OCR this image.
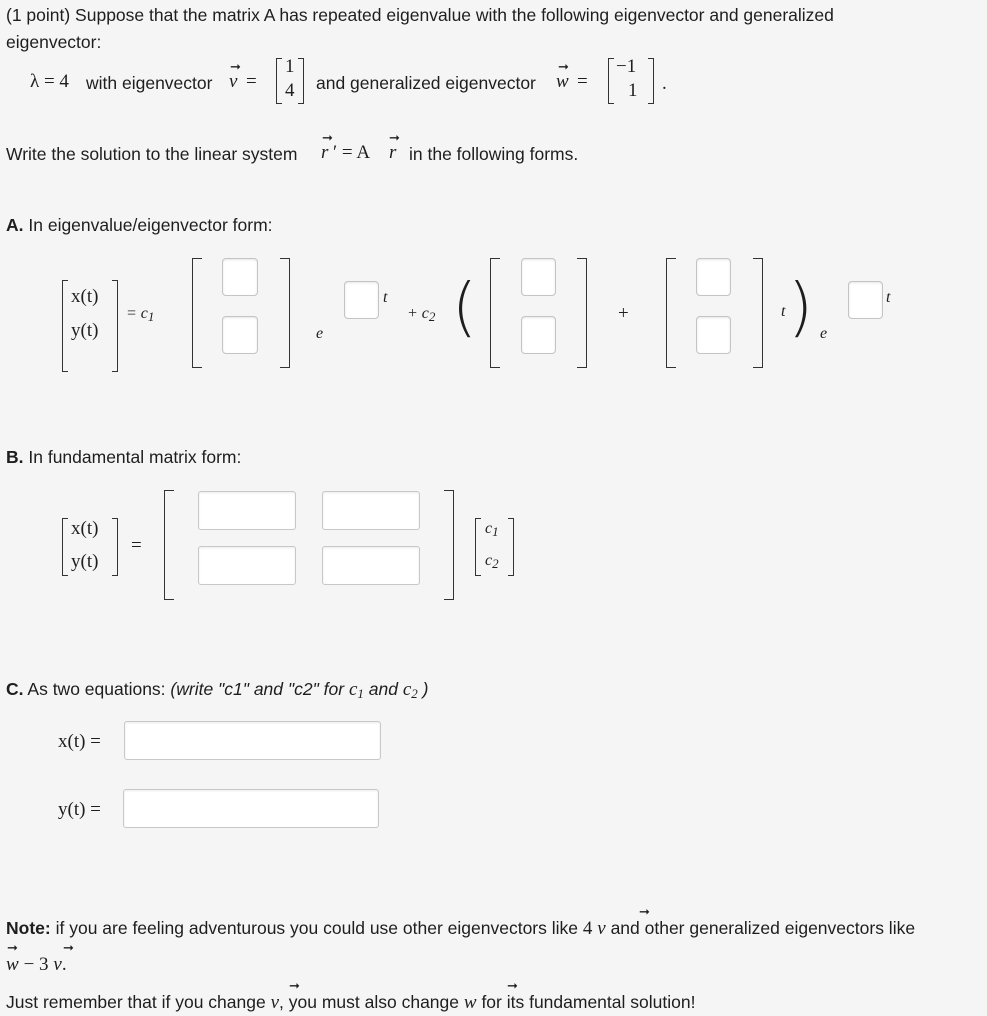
(1 point) Suppose that the matrix A has repeated eigenvalue with the following eigenvector and generalized
eigenvector:
λ = 4 with eigenvector
➞
v =
1
4 and generalized eigenvector
➞
w =
−1
1 .
Write the solution to the linear system
➞
r ′ = A
➞
r in the following forms.
A. In eigenvalue/eigenvector form:
x(t)
y(t)
= c1
e
t
+ c2 (	+	t ) e
t
B. In fundamental matrix form:
x(t)
y(t)
=
c1
c2
C. As two equations: (write "c1" and "c2" for c1 and c2 )
x(t) =
y(t) =
Note: if you are feeling adventurous you could use other eigenvectors like 4 v and other generalized eigenvectors like
➞
➞	➞
w − 3 v.
Just remember that if you change v, you must also change w for its fundamental solution!
➞	➞
